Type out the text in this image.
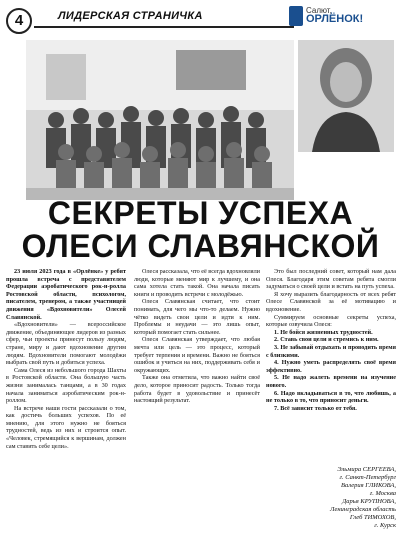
4	ЛИДЕРСКАЯ СТРАНИЧКА	Салют,
ОРЛЁНОК!
СЕКРЕТЫ УСПЕХА
ОЛЕСИ СЛАВЯНСКОЙ

23 июля 2023 года в «Орлёнке» у ребят прошла встреча с представителем Федерации аэробатического рок-н-ролла Ростовской области, психологом, писателем, тренером, а также участницей движения «Вдохновители» Олесей Славянской.

«Вдохновители» — всероссийское движение, объединяющее лидеров из разных сфер, чьи проекты принесут пользу людям, стране, миру и дают вдохновение другим людям. Вдохновители помогают молодёжи выбрать свой путь и добиться успеха.

Сама Олеся из небольшого города Шахты в Ростовской области. Она большую часть жизни занималась танцами, а в 30 годах начала заниматься аэробатическим рок-н-роллом.

На встрече наши гости рассказали о том, как достичь больших успехов. По её мнению, для этого нужно не бояться трудностей, ведь из них и строится опыт. «Человек, стремящийся к вершинам, должен сам ставить себе цели».

Олеся рассказала, что её всегда вдохновляли люди, которые меняют мир к лучшему, и она сама хотела стать такой. Она начала писать книги и проводить встречи с молодёжью.

Олеся Славянская считает, что стоит понимать, для чего мы что-то делаем. Нужно чётко видеть свои цели и идти к ним. Проблемы и неудачи — это лишь опыт, который помогает стать сильнее.

Олеся Славянская утверждает, что любая мечта или цель — это процесс, который требует терпения и времени. Важно не бояться ошибок и учиться на них, поддерживать себя и окружающих.

Также она отметила, что важно найти своё дело, которое приносит радость. Только тогда работа будет в удовольствие и принесёт настоящий результат.

Это был последний совет, который нам дала Олеся. Благодаря этим советам ребята смогли задуматься о своей цели и встать на путь успеха.

Я хочу выразить благодарность от всех ребят Олесе Славянской за её мотивацию и вдохновение.

Суммируем основные секреты успеха, которые озвучила Олеся:

1. Не бойся жизненных трудностей.

2. Ставь свои цели и стремись к ним.

3. Не забывай отдыхать и проводить время с близкими.

4. Нужно уметь распределять своё время эффективно.

5. Не надо жалеть времени на изучение нового.

6. Надо вкладываться в то, что любишь, а не только в то, что приносит деньги.

7. Всё зависит только от тебя.

Эльмира СЕРГЕЕВА,
г. Санкт-Петербург
Валерия ГЛИКОВА,
г. Москва
Дарья КРУПНОВА,
Ленинградская область
Глеб ТИМОХОВ,
г. Курск
